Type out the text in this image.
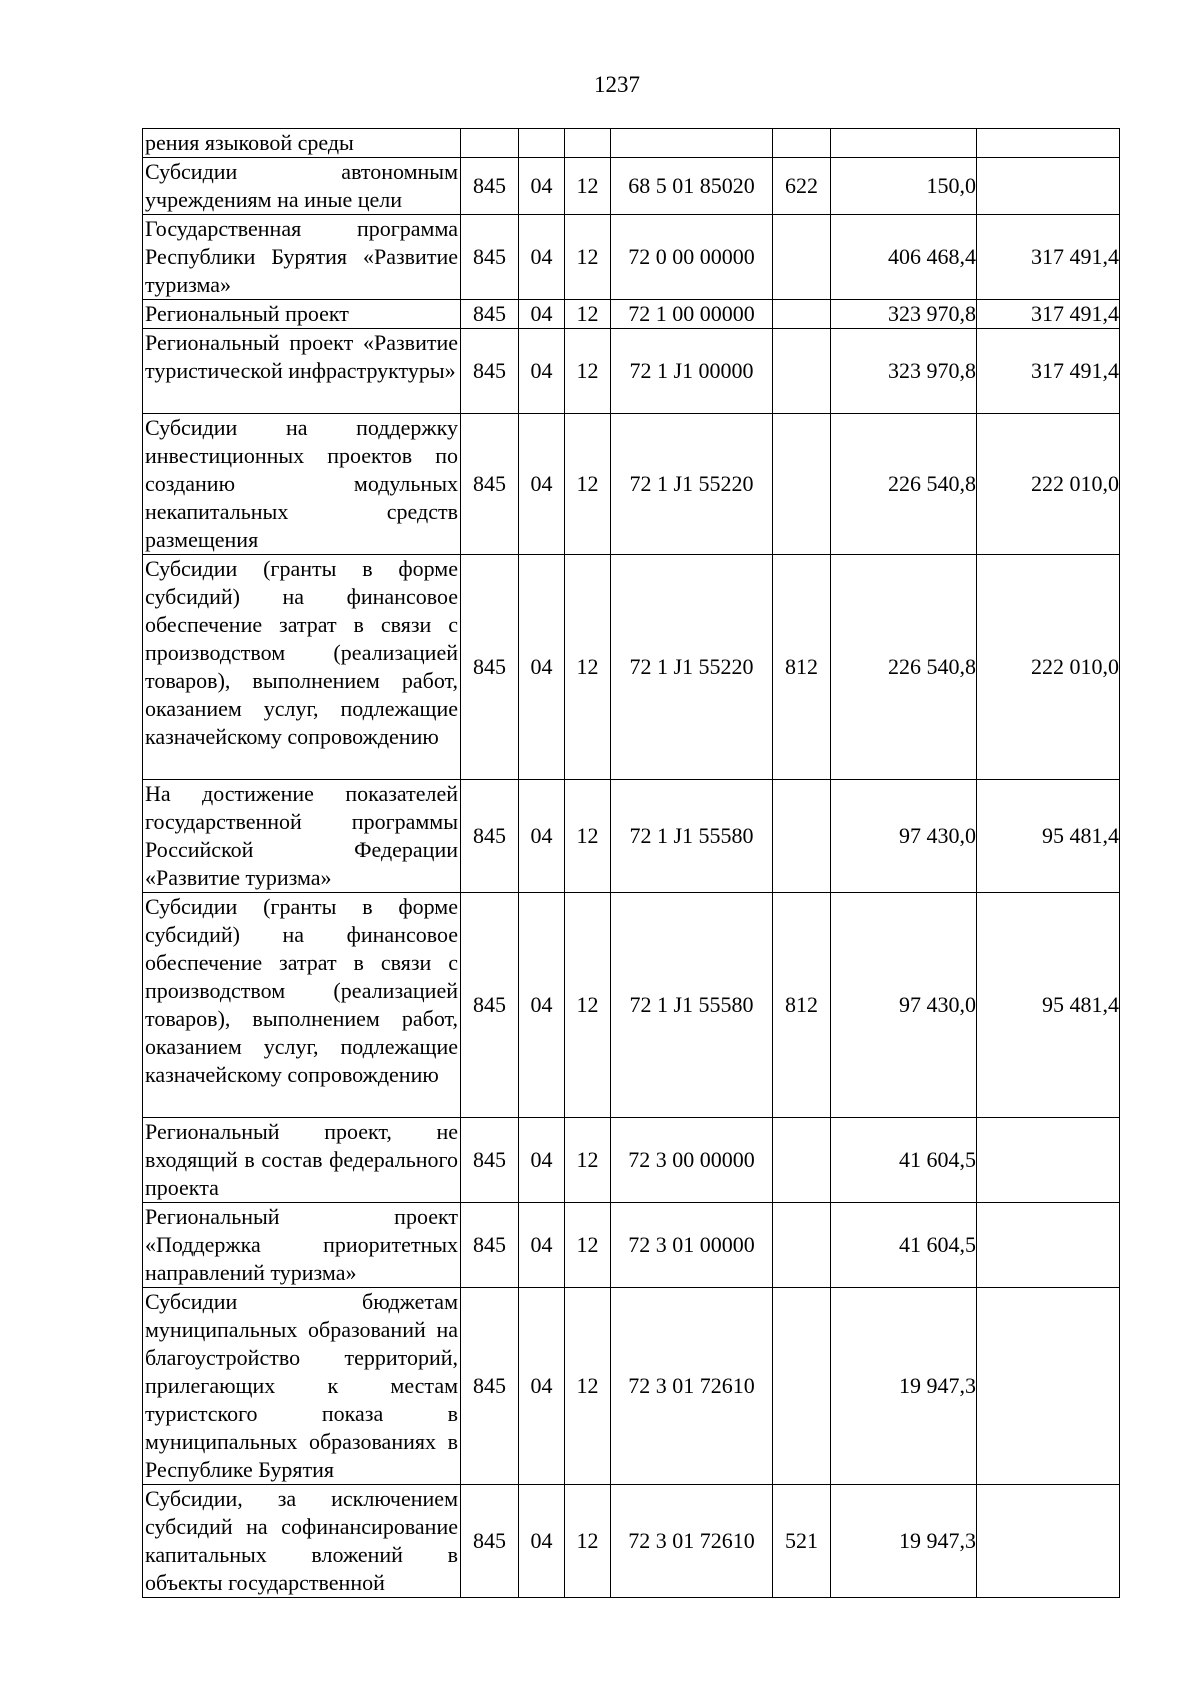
1237
рения языковой среды							
Субсидии автономным учреждениям на иные цели	845	04	12	68 5 01 85020	622	150,0	
Государственная программа Республики Бурятия «Развитие туризма»	845	04	12	72 0 00 00000		406 468,4	317 491,4
Региональный проект	845	04	12	72 1 00 00000		323 970,8	317 491,4
Региональный проект «Развитие туристической инфраструктуры»	845	04	12	72 1 J1 00000		323 970,8	317 491,4
Субсидии на поддержку инвестиционных проектов по созданию модульных некапитальных средств размещения	845	04	12	72 1 J1 55220		226 540,8	222 010,0
Субсидии (гранты в форме субсидий) на финансовое обеспечение затрат в связи с производством (реализацией товаров), выполнением работ, оказанием услуг, подлежащие казначейскому сопровождению	845	04	12	72 1 J1 55220	812	226 540,8	222 010,0
На достижение показателей государственной программы Российской Федерации «Развитие туризма»	845	04	12	72 1 J1 55580		97 430,0	95 481,4
Субсидии (гранты в форме субсидий) на финансовое обеспечение затрат в связи с производством (реализацией товаров), выполнением работ, оказанием услуг, подлежащие казначейскому сопровождению	845	04	12	72 1 J1 55580	812	97 430,0	95 481,4
Региональный проект, не входящий в состав федерального проекта	845	04	12	72 3 00 00000		41 604,5	
Региональный проект «Поддержка приоритетных направлений туризма»	845	04	12	72 3 01 00000		41 604,5	
Субсидии бюджетам муниципальных образований на благоустройство территорий, прилегающих к местам туристского показа в муниципальных образованиях в Республике Бурятия	845	04	12	72 3 01 72610		19 947,3	
Субсидии, за исключением субсидий на софинансирование капитальных вложений в объекты государственной	845	04	12	72 3 01 72610	521	19 947,3	
